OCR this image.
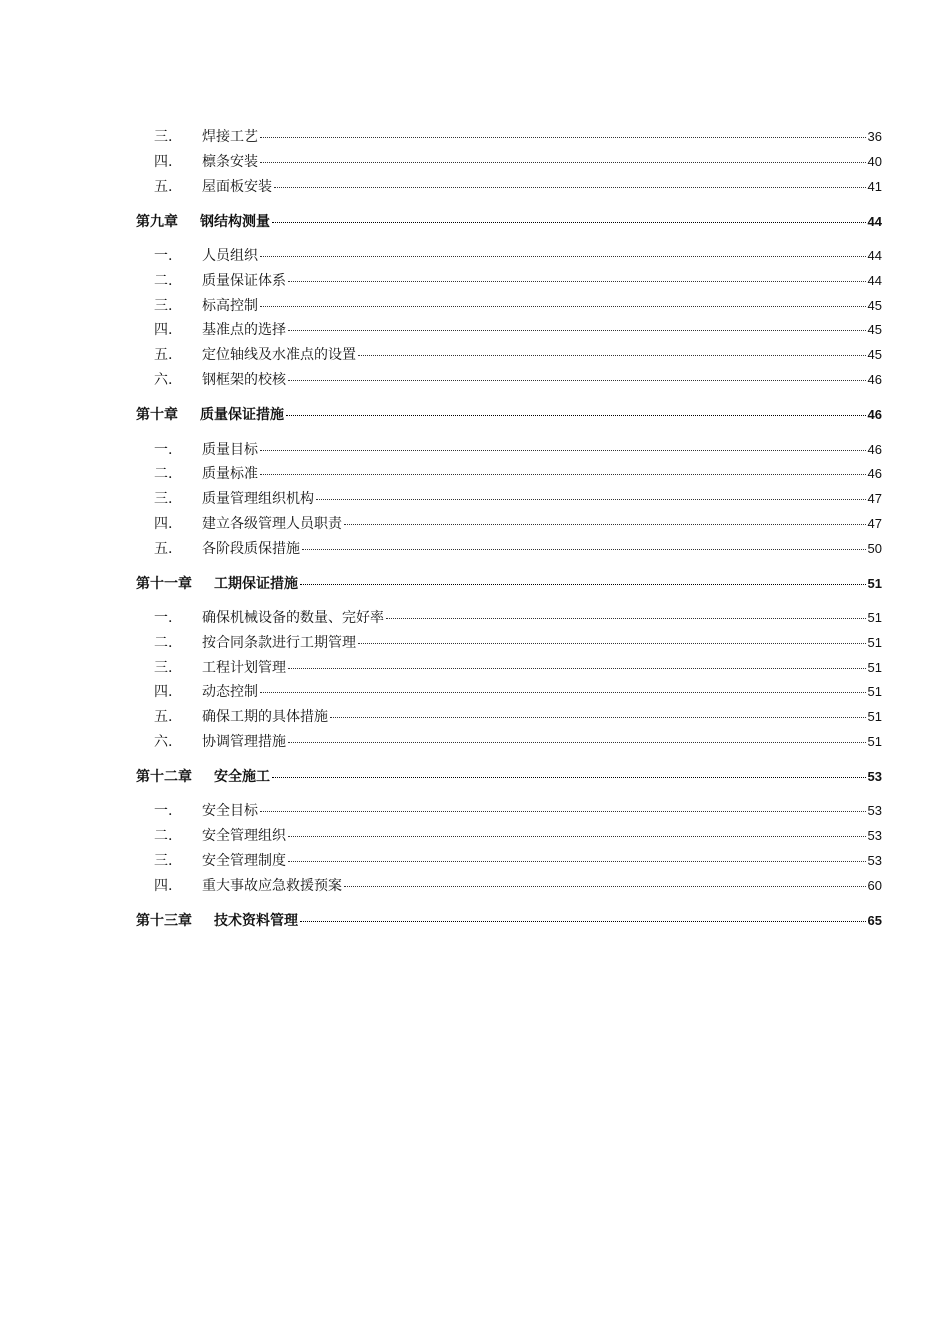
三.	焊接工艺	36
四.	檩条安装	40
五.	屋面板安装	41
第九章 钢结构测量	44
一.	人员组织	44
二.	质量保证体系	44
三.	标高控制	45
四.	基准点的选择	45
五.	定位轴线及水准点的设置	45
六.	钢框架的校核	46
第十章 质量保证措施	46
一.	质量目标	46
二.	质量标准	46
三.	质量管理组织机构	47
四.	建立各级管理人员职责	47
五.	各阶段质保措施	50
第十一章 工期保证措施	51
一.	确保机械设备的数量、完好率	51
二.	按合同条款进行工期管理	51
三.	工程计划管理	51
四.	动态控制	51
五.	确保工期的具体措施	51
六.	协调管理措施	51
第十二章 安全施工	53
一.	安全目标	53
二.	安全管理组织	53
三.	安全管理制度	53
四.	重大事故应急救援预案	60
第十三章 技术资料管理	65
